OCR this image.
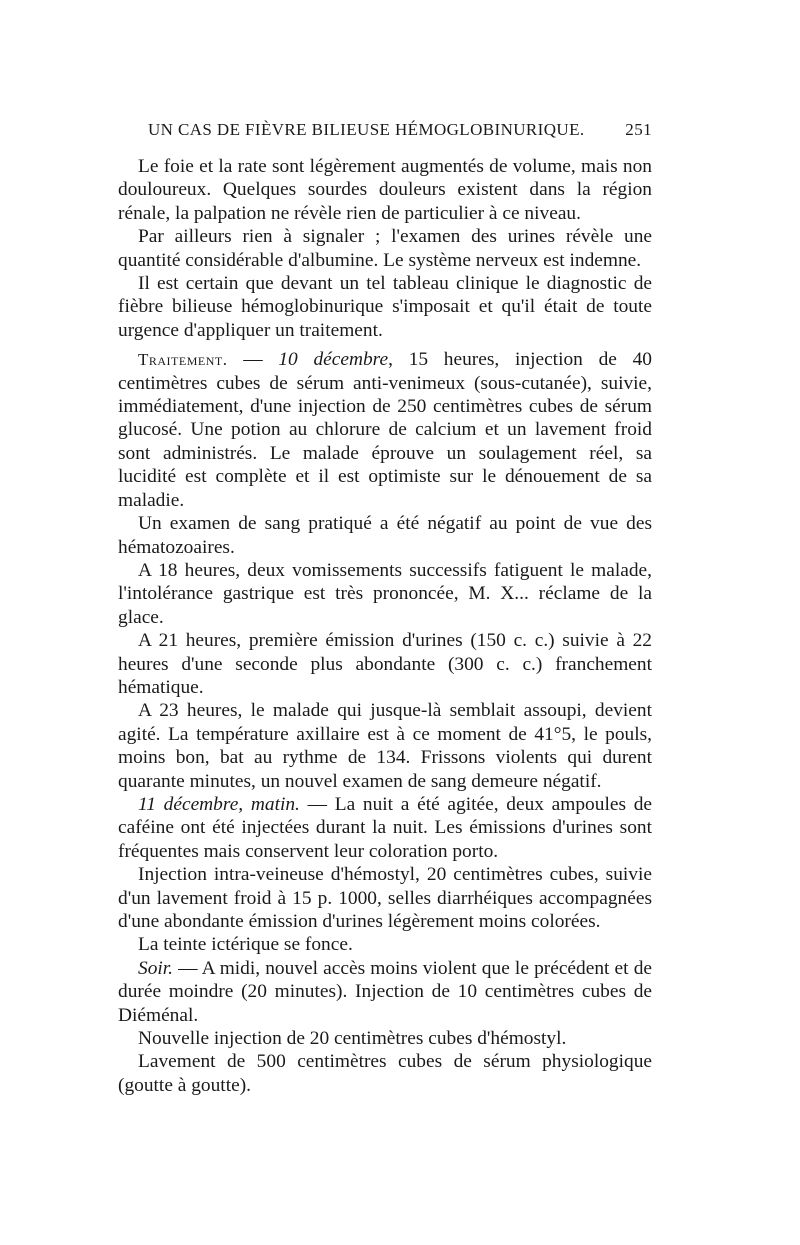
UN CAS DE FIÈVRE BILIEUSE HÉMOGLOBINURIQUE. 251

Le foie et la rate sont légèrement augmentés de volume, mais non douloureux. Quelques sourdes douleurs existent dans la région rénale, la palpation ne révèle rien de particulier à ce niveau.

Par ailleurs rien à signaler ; l'examen des urines révèle une quantité considérable d'albumine. Le système nerveux est indemne.

Il est certain que devant un tel tableau clinique le diagnostic de fièbre bilieuse hémoglobinurique s'imposait et qu'il était de toute urgence d'appliquer un traitement.

Traitement. — 10 décembre, 15 heures, injection de 40 centimètres cubes de sérum anti-venimeux (sous-cutanée), suivie, immédiatement, d'une injection de 250 centimètres cubes de sérum glucosé. Une potion au chlorure de calcium et un lavement froid sont administrés. Le malade éprouve un soulagement réel, sa lucidité est complète et il est optimiste sur le dénouement de sa maladie.

Un examen de sang pratiqué a été négatif au point de vue des hématozoaires.

A 18 heures, deux vomissements successifs fatiguent le malade, l'intolérance gastrique est très prononcée, M. X... réclame de la glace.

A 21 heures, première émission d'urines (150 c. c.) suivie à 22 heures d'une seconde plus abondante (300 c. c.) franchement hématique.

A 23 heures, le malade qui jusque-là semblait assoupi, devient agité. La température axillaire est à ce moment de 41°5, le pouls, moins bon, bat au rythme de 134. Frissons violents qui durent quarante minutes, un nouvel examen de sang demeure négatif.

11 décembre, matin. — La nuit a été agitée, deux ampoules de caféine ont été injectées durant la nuit. Les émissions d'urines sont fréquentes mais conservent leur coloration porto.

Injection intra-veineuse d'hémostyl, 20 centimètres cubes, suivie d'un lavement froid à 15 p. 1000, selles diarrhéiques accompagnées d'une abondante émission d'urines légèrement moins colorées.

La teinte ictérique se fonce.

Soir. — A midi, nouvel accès moins violent que le précédent et de durée moindre (20 minutes). Injection de 10 centimètres cubes de Diéménal.

Nouvelle injection de 20 centimètres cubes d'hémostyl.

Lavement de 500 centimètres cubes de sérum physiologique (goutte à goutte).
